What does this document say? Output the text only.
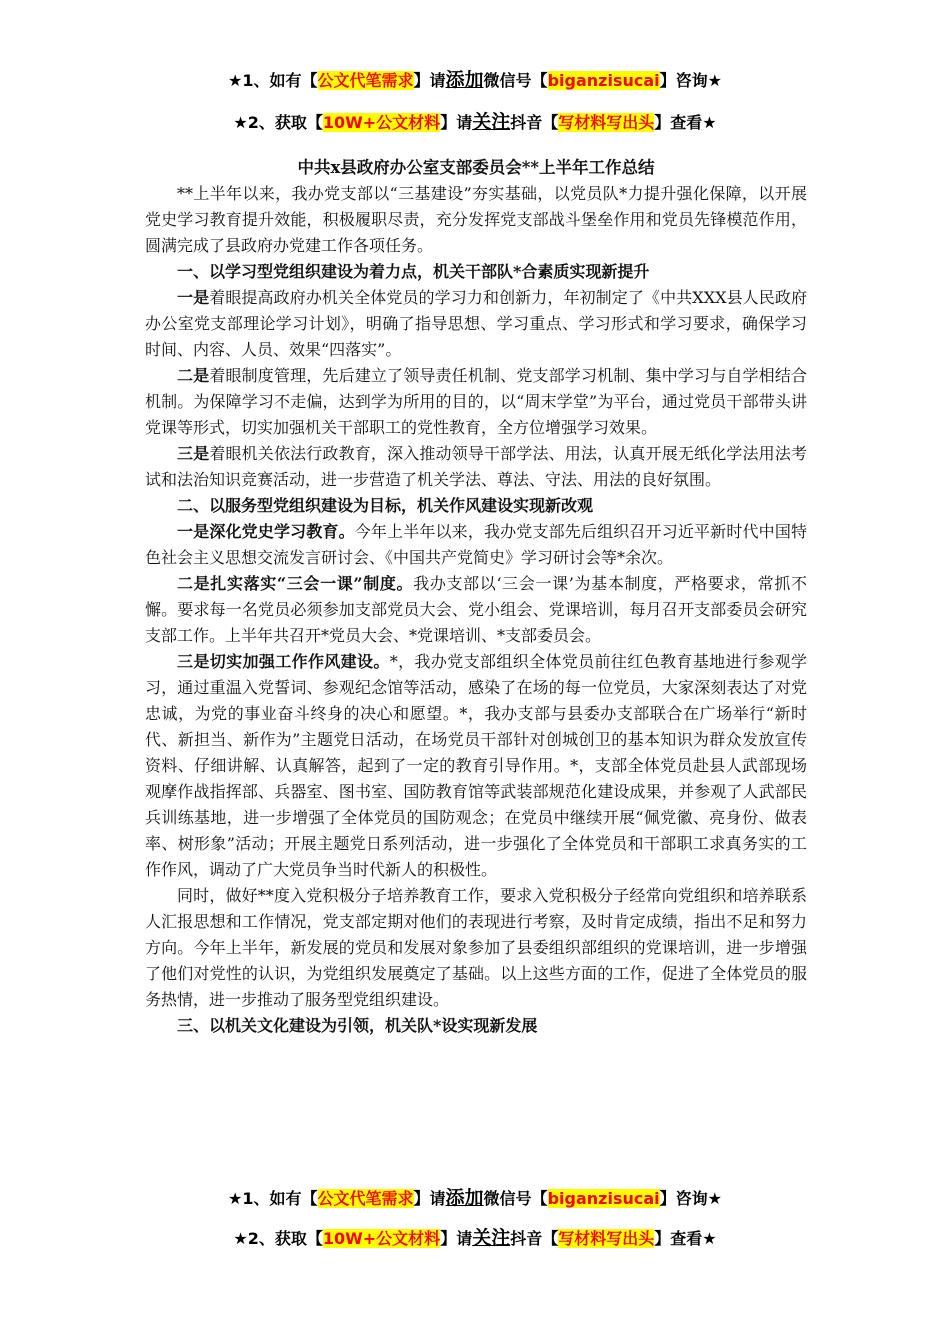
★1、如有【公文代笔需求】请添加微信号【biganzisucai】咨询★
★2、获取【10W+公文材料】请关注抖音【写材料写出头】查看★

中共x县政府办公室支部委员会**上半年工作总结

**上半年以来，我办党支部以“三基建设”夯实基础，以党员队*力提升强化保障，以开展党史学习教育提升效能，积极履职尽责，充分发挥党支部战斗堡垒作用和党员先锋模范作用，圆满完成了县政府办党建工作各项任务。

一、以学习型党组织建设为着力点，机关干部队*合素质实现新提升

一是着眼提高政府办机关全体党员的学习力和创新力，年初制定了《中共XXX县人民政府办公室党支部理论学习计划》，明确了指导思想、学习重点、学习形式和学习要求，确保学习时间、内容、人员、效果“四落实”。

二是着眼制度管理，先后建立了领导责任机制、党支部学习机制、集中学习与自学相结合机制。为保障学习不走偏，达到学为所用的目的，以“周末学堂”为平台，通过党员干部带头讲党课等形式，切实加强机关干部职工的党性教育，全方位增强学习效果。

三是着眼机关依法行政教育，深入推动领导干部学法、用法，认真开展无纸化学法用法考试和法治知识竞赛活动，进一步营造了机关学法、尊法、守法、用法的良好氛围。

二、以服务型党组织建设为目标，机关作风建设实现新改观

一是深化党史学习教育。今年上半年以来，我办党支部先后组织召开习近平新时代中国特色社会主义思想交流发言研讨会、《中国共产党简史》学习研讨会等*余次。

二是扎实落实“三会一课”制度。我办支部以‘三会一课’为基本制度，严格要求，常抓不懈。要求每一名党员必须参加支部党员大会、党小组会、党课培训，每月召开支部委员会研究支部工作。上半年共召开*党员大会、*党课培训、*支部委员会。

三是切实加强工作作风建设。*，我办党支部组织全体党员前往红色教育基地进行参观学习，通过重温入党誓词、参观纪念馆等活动，感染了在场的每一位党员，大家深刻表达了对党忠诚，为党的事业奋斗终身的决心和愿望。*，我办支部与县委办支部联合在广场举行“新时代、新担当、新作为”主题党日活动，在场党员干部针对创城创卫的基本知识为群众发放宣传资料、仔细讲解、认真解答，起到了一定的教育引导作用。*，支部全体党员赴县人武部现场观摩作战指挥部、兵器室、图书室、国防教育馆等武装部规范化建设成果，并参观了人武部民兵训练基地，进一步增强了全体党员的国防观念；在党员中继续开展“佩党徽、亮身份、做表率、树形象”活动；开展主题党日系列活动，进一步强化了全体党员和干部职工求真务实的工作作风，调动了广大党员争当时代新人的积极性。

同时，做好**度入党积极分子培养教育工作，要求入党积极分子经常向党组织和培养联系人汇报思想和工作情况，党支部定期对他们的表现进行考察，及时肯定成绩，指出不足和努力方向。今年上半年，新发展的党员和发展对象参加了县委组织部组织的党课培训，进一步增强了他们对党性的认识，为党组织发展奠定了基础。以上这些方面的工作，促进了全体党员的服务热情，进一步推动了服务型党组织建设。

三、以机关文化建设为引领，机关队*设实现新发展

★1、如有【公文代笔需求】请添加微信号【biganzisucai】咨询★
★2、获取【10W+公文材料】请关注抖音【写材料写出头】查看★
